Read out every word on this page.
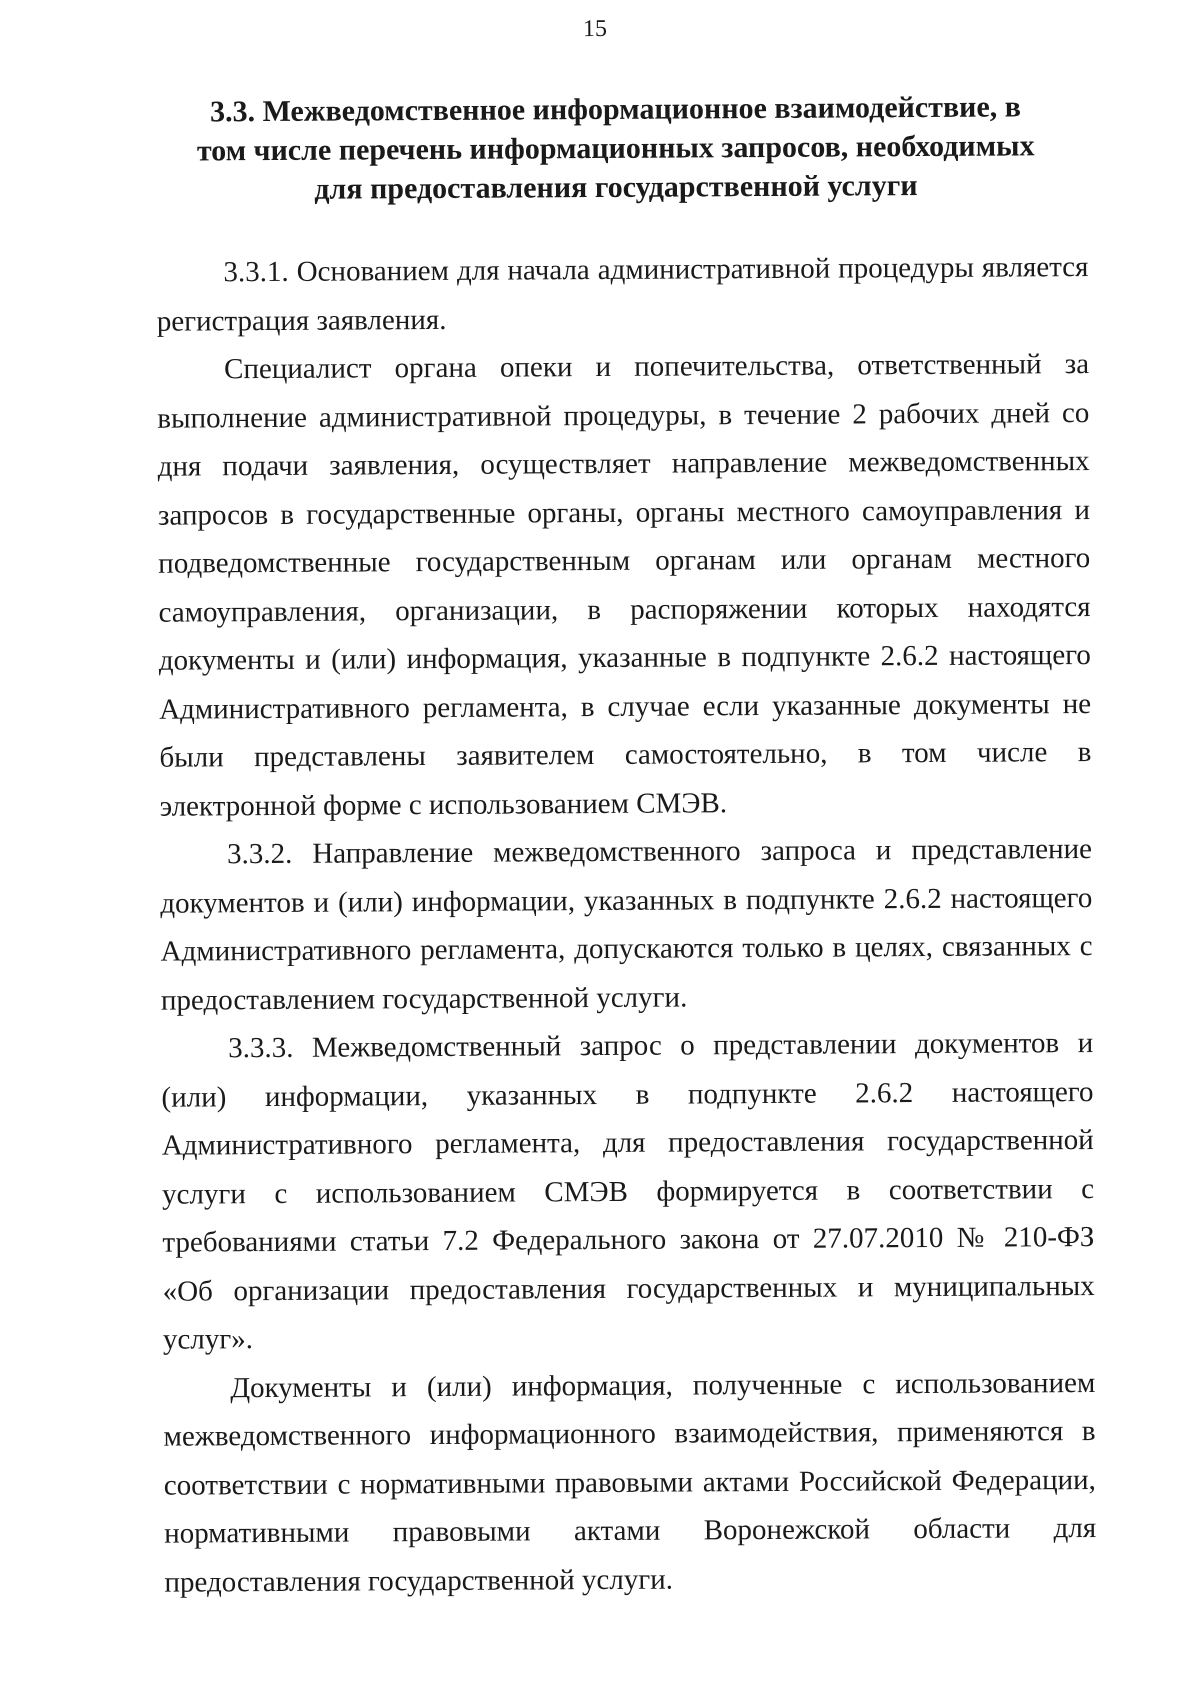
15
3.3. Межведомственное информационное взаимодействие, в том числе перечень информационных запросов, необходимых для предоставления государственной услуги

3.3.1. Основанием для начала административной процедуры является регистрация заявления.

Специалист органа опеки и попечительства, ответственный за выполнение административной процедуры, в течение 2 рабочих дней со дня подачи заявления, осуществляет направление межведомственных запросов в государственные органы, органы местного самоуправления и подведомственные государственным органам или органам местного самоуправления, организации, в распоряжении которых находятся документы и (или) информация, указанные в подпункте 2.6.2 настоящего Административного регламента, в случае если указанные документы не были представлены заявителем самостоятельно, в том числе в электронной форме с использованием СМЭВ.

3.3.2. Направление межведомственного запроса и представление документов и (или) информации, указанных в подпункте 2.6.2 настоящего Административного регламента, допускаются только в целях, связанных с предоставлением государственной услуги.

3.3.3. Межведомственный запрос о представлении документов и (или) информации, указанных в подпункте 2.6.2 настоящего Административного регламента, для предоставления государственной услуги с использованием СМЭВ формируется в соответствии с требованиями статьи 7.2 Федерального закона от 27.07.2010 № 210-ФЗ «Об организации предоставления государственных и муниципальных услуг».

Документы и (или) информация, полученные с использованием межведомственного информационного взаимодействия, применяются в соответствии с нормативными правовыми актами Российской Федерации, нормативными правовыми актами Воронежской области для предоставления государственной услуги.
